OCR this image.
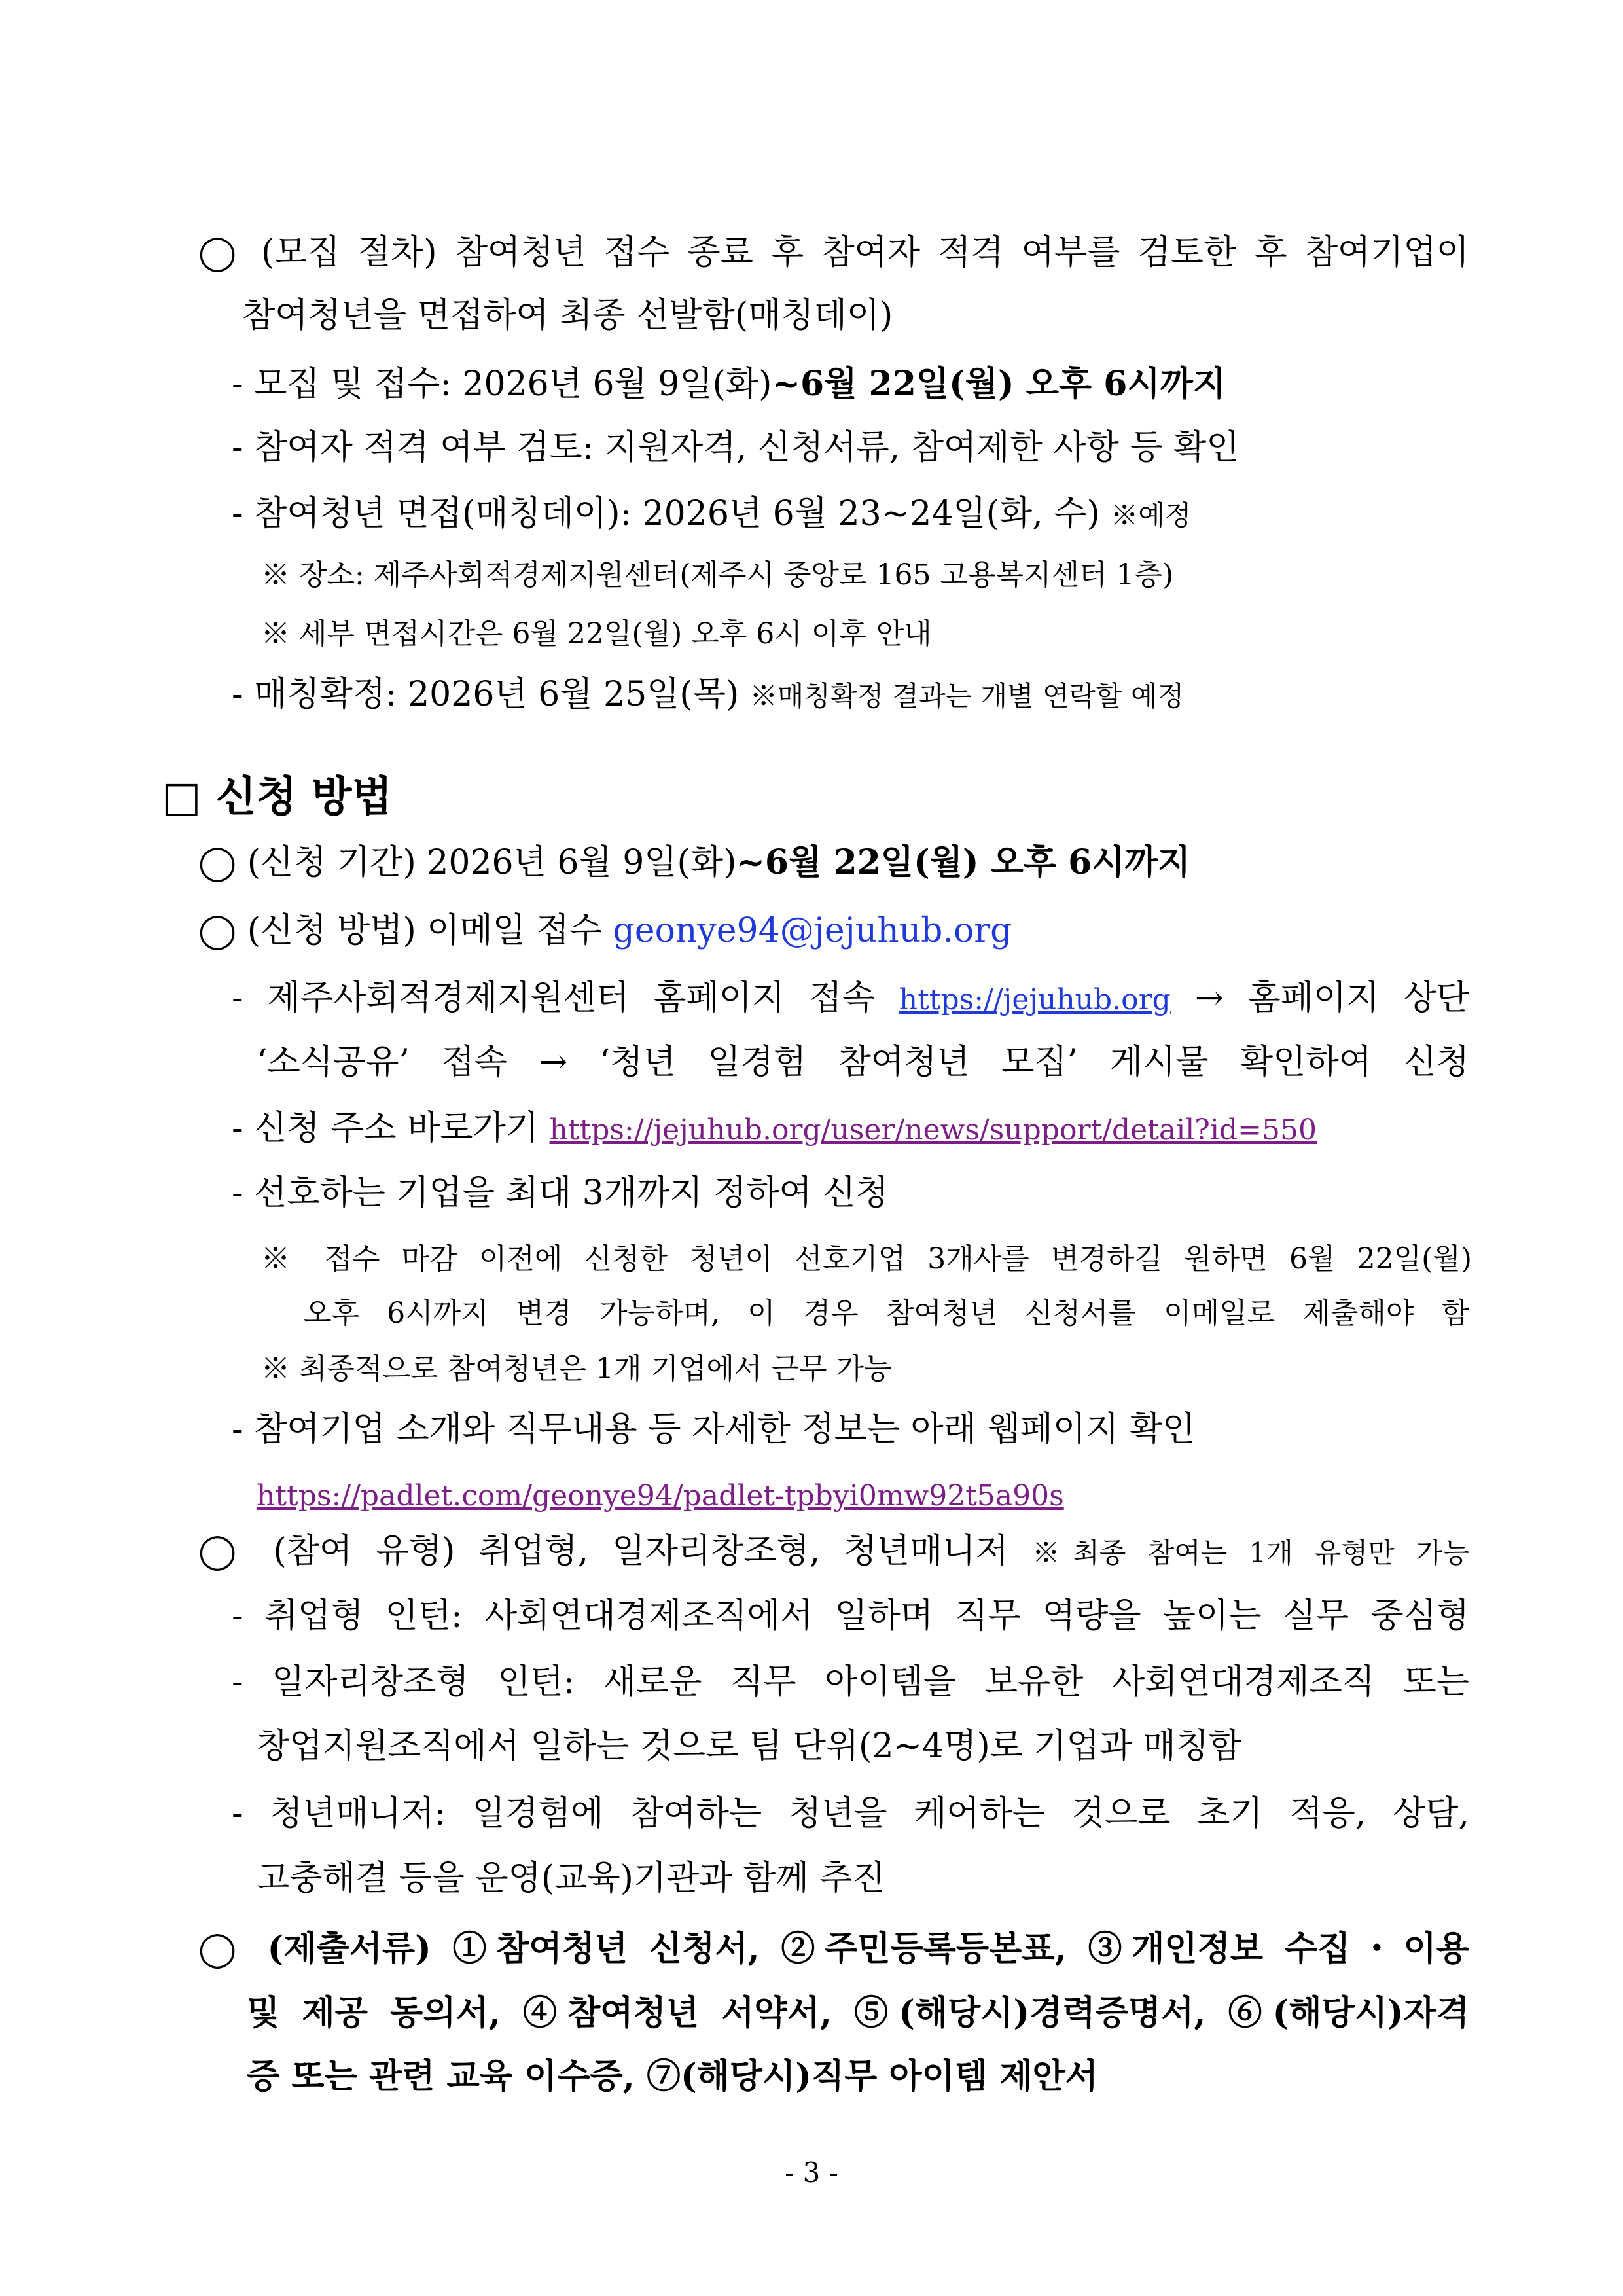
◯ (모집 절차) 참여청년 접수 종료 후 참여자 적격 여부를 검토한 후 참여기업이
참여청년을 면접하여 최종 선발함(매칭데이)
- 모집 및 접수: 2026년 6월 9일(화)~6월 22일(월) 오후 6시까지
- 참여자 적격 여부 검토: 지원자격, 신청서류, 참여제한 사항 등 확인
- 참여청년 면접(매칭데이): 2026년 6월 23~24일(화, 수) ※예정
※ 장소: 제주사회적경제지원센터(제주시 중앙로 165 고용복지센터 1층)
※ 세부 면접시간은 6월 22일(월) 오후 6시 이후 안내
- 매칭확정: 2026년 6월 25일(목) ※매칭확정 결과는 개별 연락할 예정
□ 신청 방법
◯ (신청 기간) 2026년 6월 9일(화)~6월 22일(월) 오후 6시까지
◯ (신청 방법) 이메일 접수 geonye94@jejuhub.org
- 제주사회적경제지원센터 홈페이지 접속 https://jejuhub.org → 홈페이지 상단
‘소식공유’ 접속 → ‘청년 일경험 참여청년 모집’ 게시물 확인하여 신청
- 신청 주소 바로가기 https://jejuhub.org/user/news/support/detail?id=550
- 선호하는 기업을 최대 3개까지 정하여 신청
※ 접수 마감 이전에 신청한 청년이 선호기업 3개사를 변경하길 원하면 6월 22일(월)
오후 6시까지 변경 가능하며, 이 경우 참여청년 신청서를 이메일로 제출해야 함
※ 최종적으로 참여청년은 1개 기업에서 근무 가능
- 참여기업 소개와 직무내용 등 자세한 정보는 아래 웹페이지 확인
https://padlet.com/geonye94/padlet-tpbyi0mw92t5a90s
◯ (참여 유형) 취업형, 일자리창조형, 청년매니저 ※최종 참여는 1개 유형만 가능
- 취업형 인턴: 사회연대경제조직에서 일하며 직무 역량을 높이는 실무 중심형
- 일자리창조형 인턴: 새로운 직무 아이템을 보유한 사회연대경제조직 또는
창업지원조직에서 일하는 것으로 팀 단위(2~4명)로 기업과 매칭함
- 청년매니저: 일경험에 참여하는 청년을 케어하는 것으로 초기 적응, 상담,
고충해결 등을 운영(교육)기관과 함께 추진
◯ (제출서류) ①참여청년 신청서, ②주민등록등본표, ③개인정보 수집・이용
및 제공 동의서, ④참여청년 서약서, ⑤(해당시)경력증명서, ⑥(해당시)자격
증 또는 관련 교육 이수증, ⑦(해당시)직무 아이템 제안서
- 3 -
